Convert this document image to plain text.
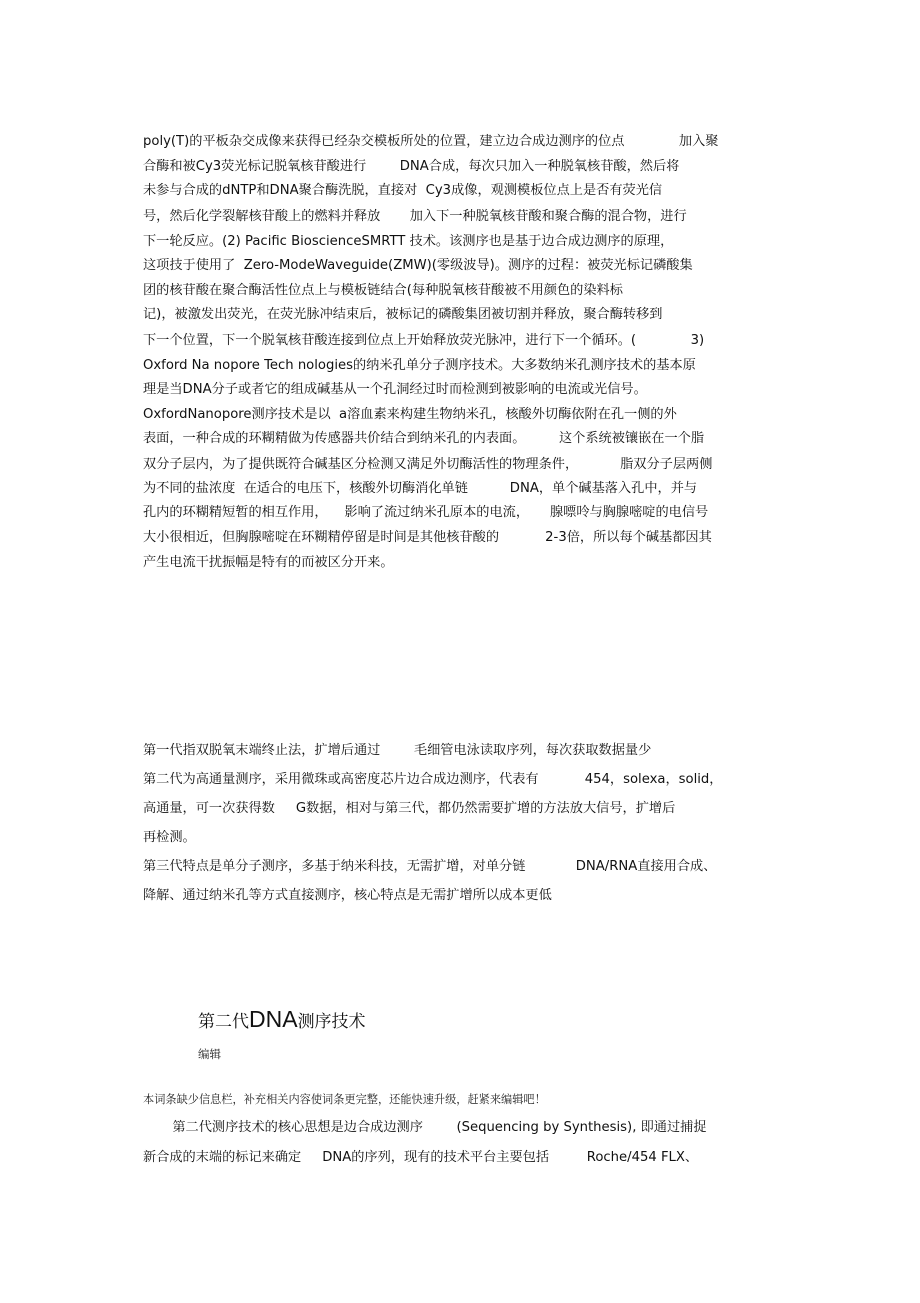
poly(T)的平板杂交成像来获得已经杂交模板所处的位置，建立边合成边测序的位点             加入聚
合酶和被Cy3荧光标记脱氧核苷酸进行        DNA合成，每次只加入一种脱氧核苷酸，然后将
未参与合成的dNTP和DNA聚合酶洗脱，直接对  Cy3成像，观测模板位点上是否有荧光信
号，然后化学裂解核苷酸上的燃料并释放       加入下一种脱氧核苷酸和聚合酶的混合物，进行
下一轮反应。(2) Pacific BioscienceSMRTT 技术。该测序也是基于边合成边测序的原理，
这项技于使用了  Zero-ModeWaveguide(ZMW)(零级波导)。测序的过程：被荧光标记磷酸集
团的核苷酸在聚合酶活性位点上与模板链结合(每种脱氧核苷酸被不用颜色的染料标
记)，被激发出荧光，在荧光脉冲结束后，被标记的磷酸集团被切割并释放，聚合酶转移到
下一个位置，下一个脱氧核苷酸连接到位点上开始释放荧光脉冲，进行下一个循环。(             3)
Oxford Na nopore Tech nologies的纳米孔单分子测序技术。大多数纳米孔测序技术的基本原
理是当DNA分子或者它的组成碱基从一个孔洞经过时而检测到被影响的电流或光信号。
OxfordNanopore测序技术是以  a溶血素来构建生物纳米孔，核酸外切酶依附在孔一侧的外
表面，一种合成的环糊精做为传感器共价结合到纳米孔的内表面。        这个系统被镶嵌在一个脂
双分子层内，为了提供既符合碱基区分检测又满足外切酶活性的物理条件，          脂双分子层两侧
为不同的盐浓度  在适合的电压下，核酸外切酶消化单链          DNA，单个碱基落入孔中，并与
孔内的环糊精短暂的相互作用，    影响了流过纳米孔原本的电流，     腺嘌呤与胸腺嘧啶的电信号
大小很相近，但胸腺嘧啶在环糊精停留是时间是其他核苷酸的           2-3倍，所以每个碱基都因其
产生电流干扰振幅是特有的而被区分开来。
第一代指双脱氧末端终止法，扩增后通过        毛细管电泳读取序列，每次获取数据量少
第二代为高通量测序，采用微珠或高密度芯片边合成边测序，代表有           454，solexa，solid，
高通量，可一次获得数     G数据，相对与第三代，都仍然需要扩增的方法放大信号，扩增后
再检测。
第三代特点是单分子测序，多基于纳米科技，无需扩增，对单分链            DNA/RNA直接用合成、
降解、通过纳米孔等方式直接测序，核心特点是无需扩增所以成本更低
第二代DNA测序技术
编辑
本词条缺少信息栏，补充相关内容使词条更完整，还能快速升级，赶紧来编辑吧！
第二代测序技术的核心思想是边合成边测序        (Sequencing by Synthesis), 即通过捕捉
新合成的末端的标记来确定     DNA的序列，现有的技术平台主要包括         Roche/454 FLX、
